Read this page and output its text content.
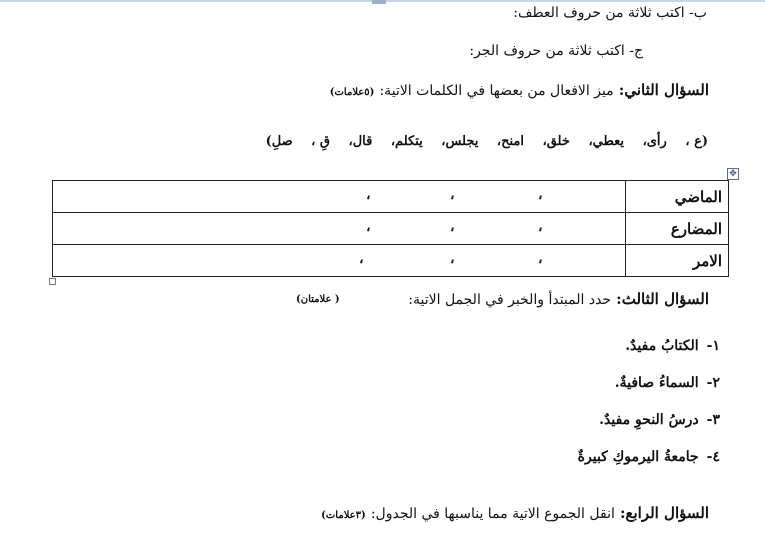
ب- اكتب ثلاثة من حروف العطف:
ج- اكتب ثلاثة من حروف الجر:
السؤال الثاني: ميز الافعال من بعضها في الكلمات الاتية: (٥علامات)
(ع ، رأى، يعطي، خلق، امنح، يجلس، يتكلم، قال، قِ ، صلِ)
✥
، ، ،	الماضي

، ، ،	المضارع

، ، ،	الامر
السؤال الثالث: حدد المبتدأ والخبر في الجمل الاتية:
( علامتان)
١-الكتابُ مفيدٌ.
٢-السماءُ صافيةٌ.
٣-درسُ النحوِ مفيدٌ.
٤-جامعةُ اليرموكِ كبيرةٌ
السؤال الرابع: انقل الجموع الاتية مما يناسبها في الجدول: (٣علامات)
